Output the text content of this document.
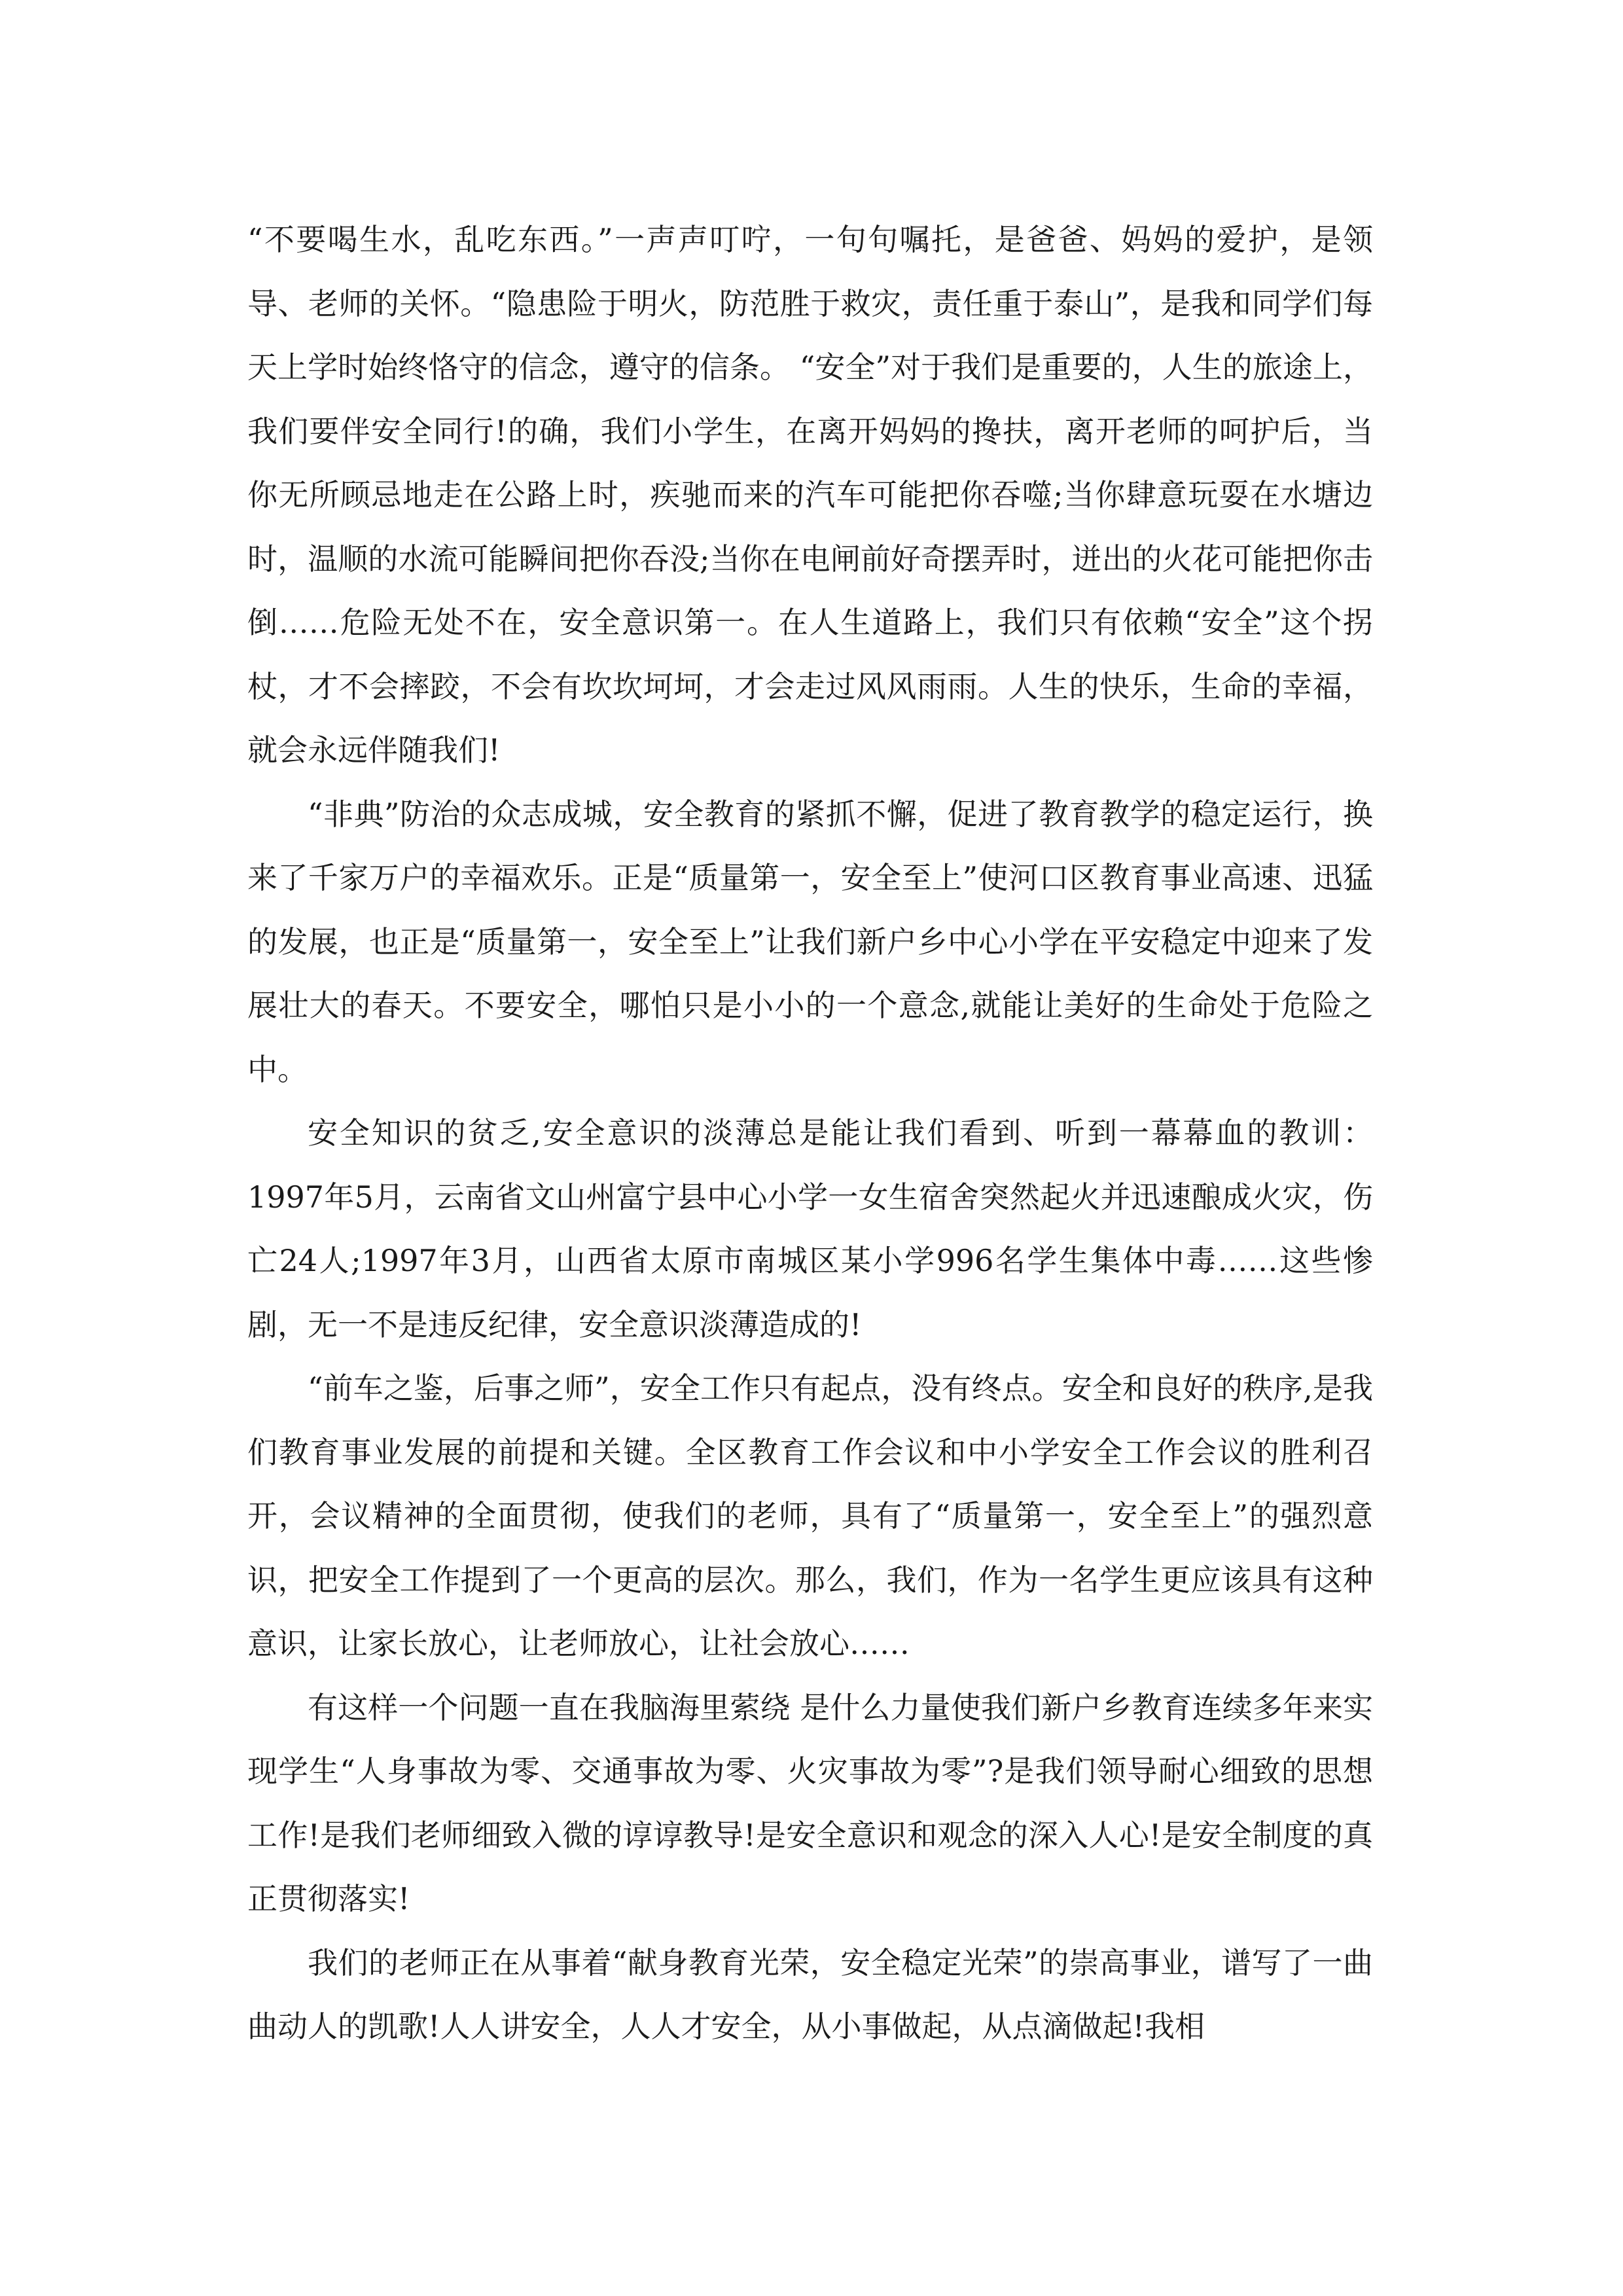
“不要喝生水，乱吃东西。”一声声叮咛，一句句嘱托，是爸爸、妈妈的爱护，是领导、老师的关怀。“隐患险于明火，防范胜于救灾，责任重于泰山”，是我和同学们每天上学时始终恪守的信念，遵守的信条。 “安全”对于我们是重要的，人生的旅途上，我们要伴安全同行!的确，我们小学生，在离开妈妈的搀扶，离开老师的呵护后，当你无所顾忌地走在公路上时，疾驰而来的汽车可能把你吞噬;当你肆意玩耍在水塘边时，温顺的水流可能瞬间把你吞没;当你在电闸前好奇摆弄时，迸出的火花可能把你击倒……危险无处不在，安全意识第一。在人生道路上，我们只有依赖“安全”这个拐杖，才不会摔跤，不会有坎坎坷坷，才会走过风风雨雨。人生的快乐，生命的幸福，就会永远伴随我们!

“非典”防治的众志成城，安全教育的紧抓不懈，促进了教育教学的稳定运行，换来了千家万户的幸福欢乐。正是“质量第一，安全至上”使河口区教育事业高速、迅猛的发展，也正是“质量第一，安全至上”让我们新户乡中心小学在平安稳定中迎来了发展壮大的春天。不要安全，哪怕只是小小的一个意念,就能让美好的生命处于危险之中。

安全知识的贫乏,安全意识的淡薄总是能让我们看到、听到一幕幕血的教训：1997年5月，云南省文山州富宁县中心小学一女生宿舍突然起火并迅速酿成火灾，伤亡24人;1997年3月，山西省太原市南城区某小学996名学生集体中毒……这些惨剧，无一不是违反纪律，安全意识淡薄造成的!

“前车之鉴，后事之师”，安全工作只有起点，没有终点。安全和良好的秩序,是我们教育事业发展的前提和关键。全区教育工作会议和中小学安全工作会议的胜利召开，会议精神的全面贯彻，使我们的老师，具有了“质量第一，安全至上”的强烈意识，把安全工作提到了一个更高的层次。那么，我们，作为一名学生更应该具有这种意识，让家长放心，让老师放心，让社会放心……

有这样一个问题一直在我脑海里萦绕 是什么力量使我们新户乡教育连续多年来实现学生“人身事故为零、交通事故为零、火灾事故为零”?是我们领导耐心细致的思想工作!是我们老师细致入微的谆谆教导!是安全意识和观念的深入人心!是安全制度的真正贯彻落实!

我们的老师正在从事着“献身教育光荣，安全稳定光荣”的崇高事业，谱写了一曲曲动人的凯歌!人人讲安全，人人才安全，从小事做起，从点滴做起!我相
